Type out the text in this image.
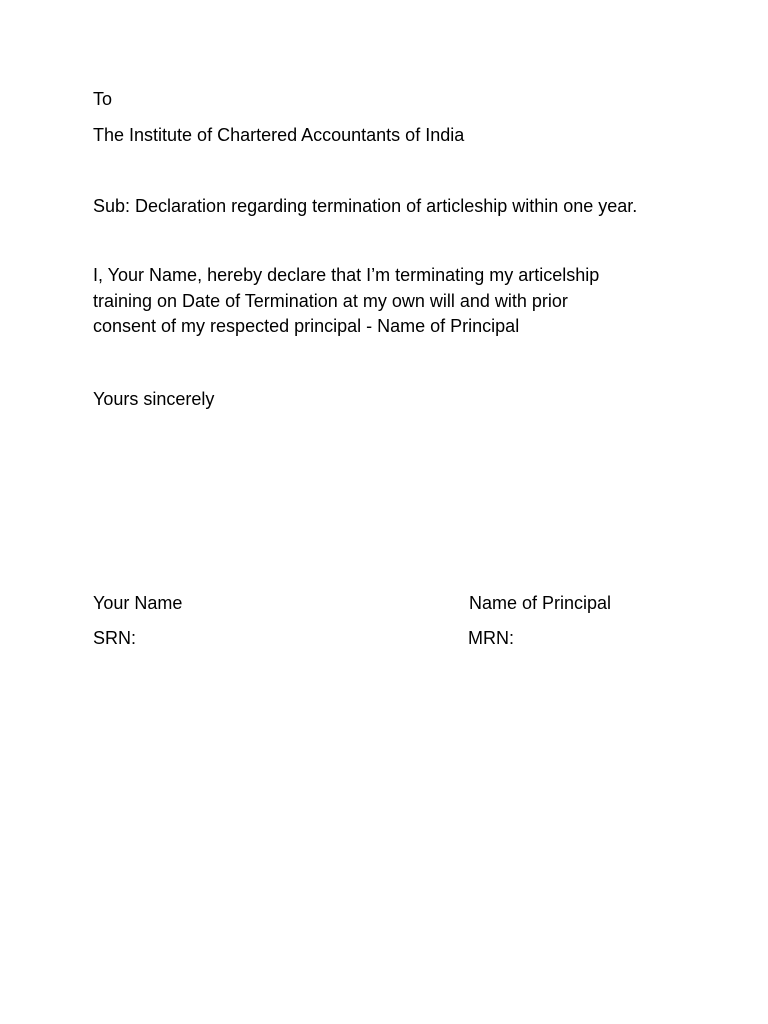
To

The Institute of Chartered Accountants of India

Sub: Declaration regarding termination of articleship within one year.

I, Your Name, hereby declare that I’m terminating my articelship
training on Date of Termination at my own will and with prior
consent of my respected principal - Name of Principal

Yours sincerely

Your Name

SRN:

Name of Principal

MRN:
